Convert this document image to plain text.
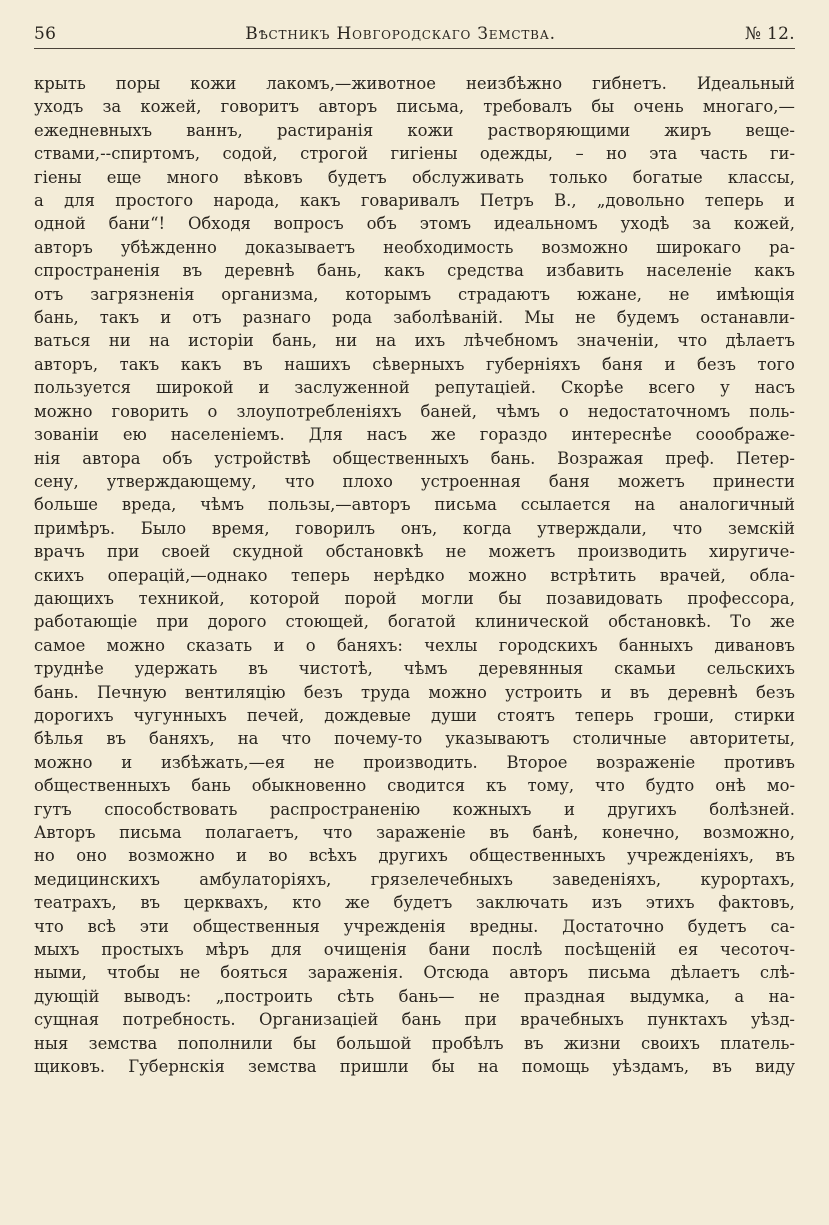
56	Вѣстникъ Новгородскаго Земства.	№ 12.
крыть поры кожи лакомъ,—животное неизбѣжно гибнетъ. Идеальный
уходъ за кожей, говоритъ авторъ письма, требовалъ бы очень многаго,—
ежедневныхъ ваннъ, растиранія кожи растворяющими жиръ веще-
ствами,--спиртомъ, содой, строгой гигіены одежды, – но эта часть ги-
гіены еще много вѣковъ будетъ обслуживать только богатые классы,
а для простого народа, какъ говаривалъ Петръ В., „довольно теперь и
одной бани“! Обходя вопросъ объ этомъ идеальномъ уходѣ за кожей,
авторъ убѣжденно доказываетъ необходимость возможно широкаго ра-
спространенія въ деревнѣ бань, какъ средства избавить населеніе какъ
отъ загрязненія организма, которымъ страдаютъ южане, не имѣющія
бань, такъ и отъ разнаго рода заболѣваній. Мы не будемъ останавли-
ваться ни на исторіи бань, ни на ихъ лѣчебномъ значеніи, что дѣлаетъ
авторъ, такъ какъ въ нашихъ сѣверныхъ губерніяхъ баня и безъ того
пользуется широкой и заслуженной репутаціей. Скорѣе всего у насъ
можно говорить о злоупотребленіяхъ баней, чѣмъ о недостаточномъ поль-
зованіи ею населеніемъ. Для насъ же гораздо интереснѣе сооображе-
нія автора объ устройствѣ общественныхъ бань. Возражая преф. Петер-
сену, утверждающему, что плохо устроенная баня можетъ принести
больше вреда, чѣмъ пользы,—авторъ письма ссылается на аналогичный
примѣръ. Было время, говорилъ онъ, когда утверждали, что земскій
врачъ при своей скудной обстановкѣ не можетъ производить хиругиче-
скихъ операцій,—однако теперь нерѣдко можно встрѣтить врачей, обла-
дающихъ техникой, которой порой могли бы позавидовать профессора,
работающіе при дорого стоющей, богатой клинической обстановкѣ. То же
самое можно сказать и о баняхъ: чехлы городскихъ банныхъ дивановъ
труднѣе удержать въ чистотѣ, чѣмъ деревянныя скамьи сельскихъ
бань. Печную вентиляцію безъ труда можно устроить и въ деревнѣ безъ
дорогихъ чугунныхъ печей, дождевые души стоятъ теперь гроши, стирки
бѣлья въ баняхъ, на что почему-то указываютъ столичные авторитеты,
можно и избѣжать,—ея не производить. Второе возраженіе противъ
общественныхъ бань обыкновенно сводится къ тому, что будто онѣ мо-
гутъ способствовать распространенію кожныхъ и другихъ болѣзней.
Авторъ письма полагаетъ, что зараженіе въ банѣ, конечно, возможно,
но оно возможно и во всѣхъ другихъ общественныхъ учрежденіяхъ, въ
медицинскихъ амбулаторіяхъ, грязелечебныхъ заведеніяхъ, курортахъ,
театрахъ, въ церквахъ, кто же будетъ заключать изъ этихъ фактовъ,
что всѣ эти общественныя учрежденія вредны. Достаточно будетъ са-
мыхъ простыхъ мѣръ для очищенія бани послѣ посѣщеній ея чесоточ-
ными, чтобы не бояться зараженія. Отсюда авторъ письма дѣлаетъ слѣ-
дующій выводъ: „построить сѣть бань— не праздная выдумка, а на-
сущная потребность. Организаціей бань при врачебныхъ пунктахъ уѣзд-
ныя земства пополнили бы большой пробѣлъ въ жизни своихъ платель-
щиковъ. Губернскія земства пришли бы на помощь уѣздамъ, въ виду
